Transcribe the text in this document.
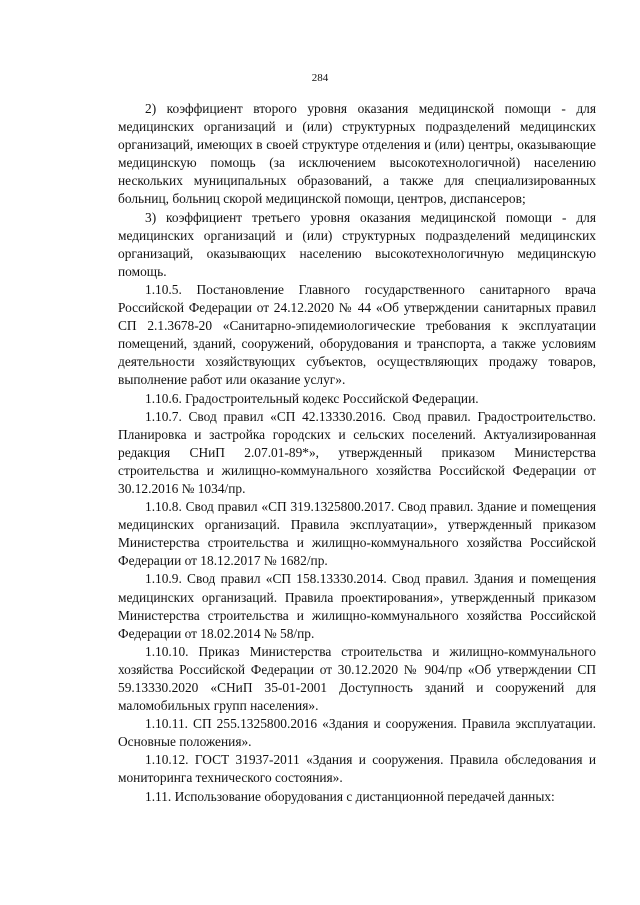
284

2) коэффициент второго уровня оказания медицинской помощи - для медицинских организаций и (или) структурных подразделений медицинских организаций, имеющих в своей структуре отделения и (или) центры, оказывающие медицинскую помощь (за исключением высокотехнологичной) населению нескольких муниципальных образований, а также для специализированных больниц, больниц скорой медицинской помощи, центров, диспансеров;

3) коэффициент третьего уровня оказания медицинской помощи - для медицинских организаций и (или) структурных подразделений медицинских организаций, оказывающих населению высокотехнологичную медицинскую помощь.

1.10.5. Постановление Главного государственного санитарного врача Российской Федерации от 24.12.2020 № 44 «Об утверждении санитарных правил СП 2.1.3678-20 «Санитарно-эпидемиологические требования к эксплуатации помещений, зданий, сооружений, оборудования и транспорта, а также условиям деятельности хозяйствующих субъектов, осуществляющих продажу товаров, выполнение работ или оказание услуг».

1.10.6. Градостроительный кодекс Российской Федерации.

1.10.7. Свод правил «СП 42.13330.2016. Свод правил. Градостроительство. Планировка и застройка городских и сельских поселений. Актуализированная редакция СНиП 2.07.01-89*», утвержденный приказом Министерства строительства и жилищно-коммунального хозяйства Российской Федерации от 30.12.2016 № 1034/пр.

1.10.8. Свод правил «СП 319.1325800.2017. Свод правил. Здание и помещения медицинских организаций. Правила эксплуатации», утвержденный приказом Министерства строительства и жилищно-коммунального хозяйства Российской Федерации от 18.12.2017 № 1682/пр.

1.10.9. Свод правил «СП 158.13330.2014. Свод правил. Здания и помещения медицинских организаций. Правила проектирования», утвержденный приказом Министерства строительства и жилищно-коммунального хозяйства Российской Федерации от 18.02.2014 № 58/пр.

1.10.10. Приказ Министерства строительства и жилищно-коммунального хозяйства Российской Федерации от 30.12.2020 № 904/пр «Об утверждении СП 59.13330.2020 «СНиП 35-01-2001 Доступность зданий и сооружений для маломобильных групп населения».

1.10.11. СП 255.1325800.2016 «Здания и сооружения. Правила эксплуатации. Основные положения».

1.10.12. ГОСТ 31937-2011 «Здания и сооружения. Правила обследования и мониторинга технического состояния».

1.11. Использование оборудования с дистанционной передачей данных:
